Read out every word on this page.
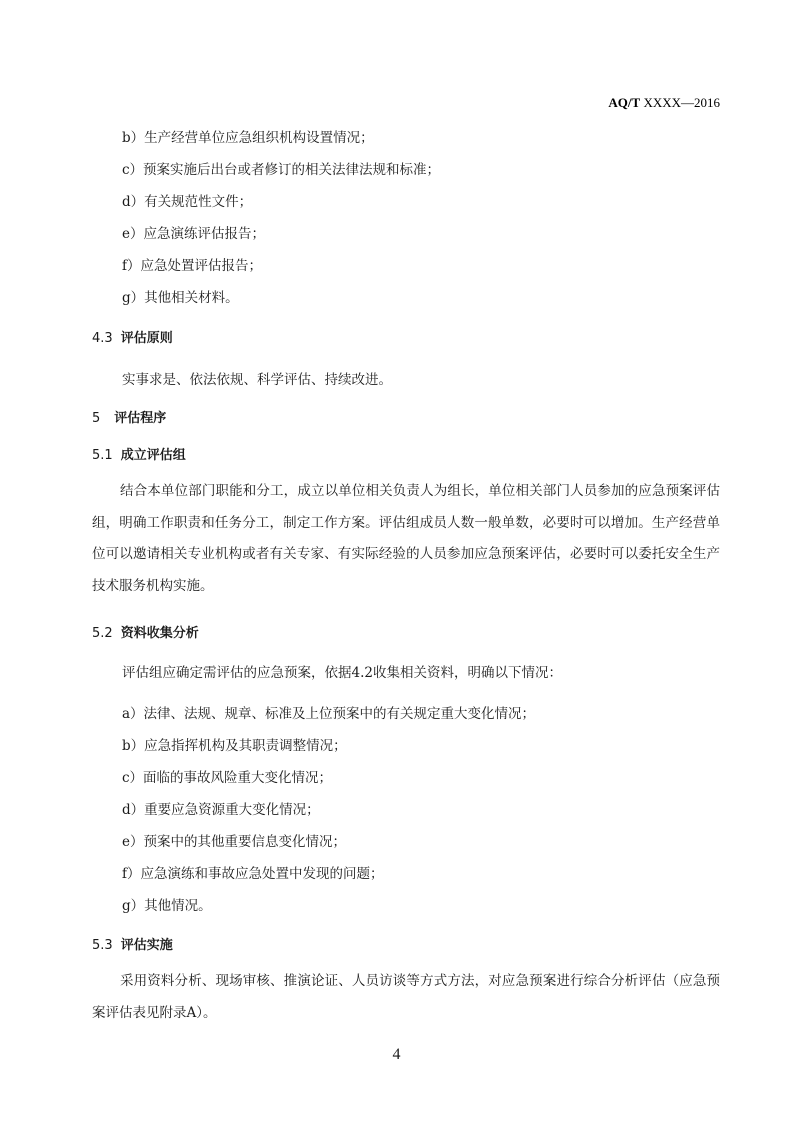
AQ/T XXXX—2016
b）生产经营单位应急组织机构设置情况；
c）预案实施后出台或者修订的相关法律法规和标准；
d）有关规范性文件；
e）应急演练评估报告；
f）应急处置评估报告；
g）其他相关材料。
4.3 评估原则
实事求是、依法依规、科学评估、持续改进。
5 评估程序
5.1 成立评估组

结合本单位部门职能和分工，成立以单位相关负责人为组长，单位相关部门人员参加的应急预案评估组，明确工作职责和任务分工，制定工作方案。评估组成员人数一般单数，必要时可以增加。生产经营单位可以邀请相关专业机构或者有关专家、有实际经验的人员参加应急预案评估，必要时可以委托安全生产技术服务机构实施。

5.2 资料收集分析
评估组应确定需评估的应急预案，依据4.2收集相关资料，明确以下情况：
a）法律、法规、规章、标准及上位预案中的有关规定重大变化情况；
b）应急指挥机构及其职责调整情况；
c）面临的事故风险重大变化情况；
d）重要应急资源重大变化情况；
e）预案中的其他重要信息变化情况；
f）应急演练和事故应急处置中发现的问题；
g）其他情况。
5.3 评估实施

采用资料分析、现场审核、推演论证、人员访谈等方式方法，对应急预案进行综合分析评估（应急预案评估表见附录A）。

4
